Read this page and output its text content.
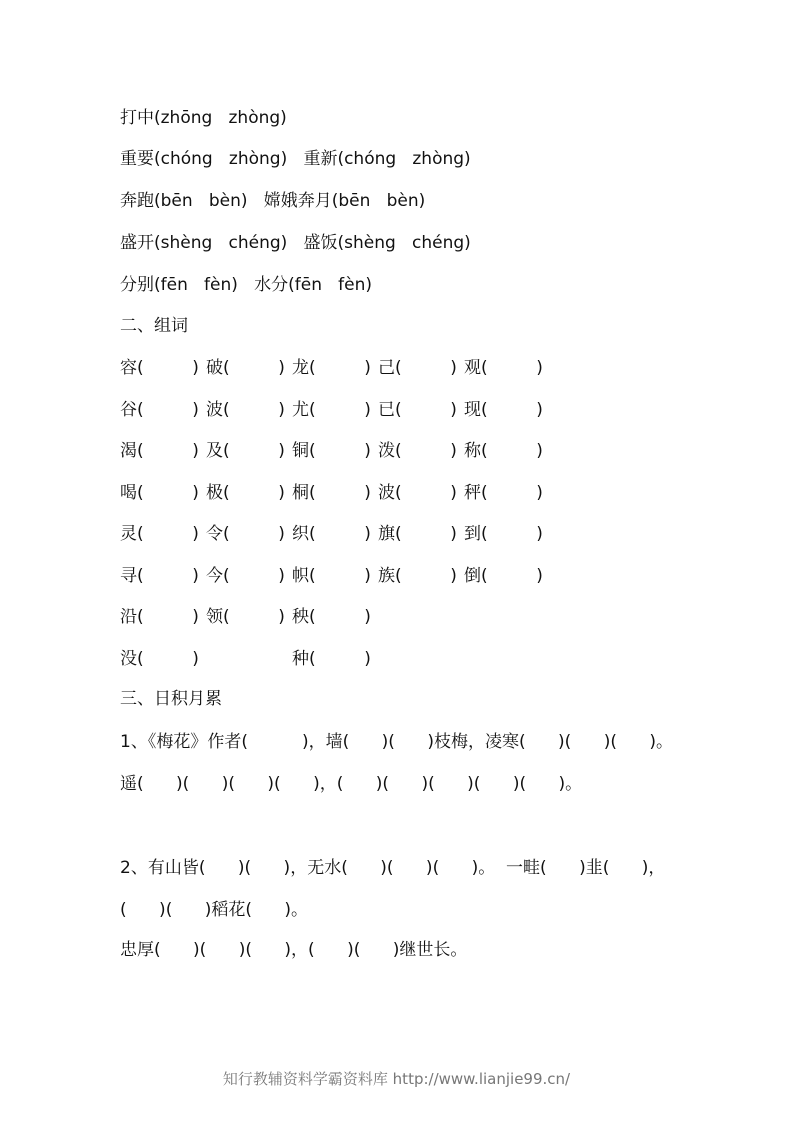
打中(zhōng   zhòng)
重要(chóng   zhòng)   重新(chóng   zhòng)
奔跑(bēn   bèn)   嫦娥奔月(bēn   bèn)
盛开(shèng   chéng)   盛饭(shèng   chéng)
分别(fēn   fèn)   水分(fēn   fèn)
二、组词
容(         ) 破(         ) 龙(         ) 己(         ) 观(         )
谷(         ) 波(         ) 尤(         ) 已(         ) 现(         )
渴(         ) 及(         ) 铜(         ) 泼(         ) 称(         )
喝(         ) 极(         ) 桐(         ) 波(         ) 秤(         )
灵(         ) 令(         ) 织(         ) 旗(         ) 到(         )
寻(         ) 今(         ) 帜(         ) 族(         ) 倒(         )
沿(         ) 领(         ) 秧(         )
没(         )	种(         )
三、日积月累
1、《梅花》作者(          )，墙(      )(      )枝梅，凌寒(      )(      )(      )。
遥(      )(      )(      )(      )，(      )(      )(      )(      )(      )。
2、有山皆(      )(      )，无水(      )(      )(      )。  一畦(      )韭(      )，
(      )(      )稻花(      )。
忠厚(      )(      )(      )，(      )(      )继世长。
知行教辅资料学霸资料库 http://www.lianjie99.cn/
